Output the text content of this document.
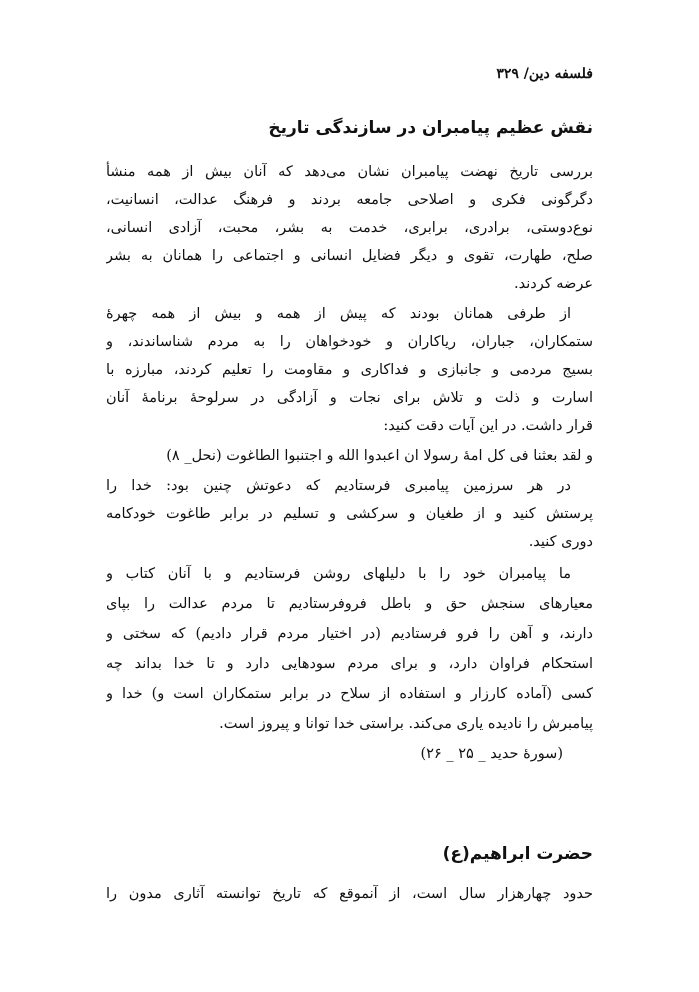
فلسفه دین/ ۳۲۹
نقش عظیم پیامبران در سازندگی تاریخ
بررسی تاریخ نهضت پیامبران نشان می‌دهد که آنان بیش از همه منشأ
دگرگونی فکری و اصلاحی جامعه بردند و فرهنگ عدالت، انسانیت،
نوع‌دوستی، برادری، برابری، خدمت به بشر، محبت، آزادی انسانی،
صلح، طهارت، تقوی و دیگر فضایل انسانی و اجتماعی را همانان به بشر
عرضه کردند.
از طرفی همانان بودند که پیش از همه و بیش از همه چهرهٔ
ستمکاران، جباران، ریاکاران و خودخواهان را به مردم شناساندند، و
بسیج مردمی و جانبازی و فداکاری و مقاومت را تعلیم کردند، مبارزه با
اسارت و ذلت و تلاش برای نجات و آزادگی در سرلوحهٔ برنامهٔ آنان
قرار داشت. در این آیات دقت کنید:
و لقد بعثنا فی کل امهٔ رسولا ان اعبدوا الله و اجتنبوا الطاغوت (نحل_ ۸)
در هر سرزمین پیامبری فرستادیم که دعوتش چنین بود: خدا را
پرستش کنید و از طغیان و سرکشی و تسلیم در برابر طاغوت خودکامه
دوری کنید.
ما پیامبران خود را با دلیلهای روشن فرستادیم و با آنان کتاب و
معیارهای سنجش حق و باطل فروفرستادیم تا مردم عدالت را بپای
دارند، و آهن را فرو فرستادیم (در اختیار مردم قرار دادیم) که سختی و
استحکام فراوان دارد، و برای مردم سودهایی دارد و تا خدا بداند چه
کسی (آماده کارزار و استفاده از سلاح در برابر ستمکاران است و) خدا و
پیامبرش را نادیده یاری می‌کند. براستی خدا توانا و پیروز است.
(سورهٔ حدید _ ۲۵ _ ۲۶)
حضرت ابراهیم(ع)
حدود چهارهزار سال است، از آنموقع که تاریخ توانسته آثاری مدون را
